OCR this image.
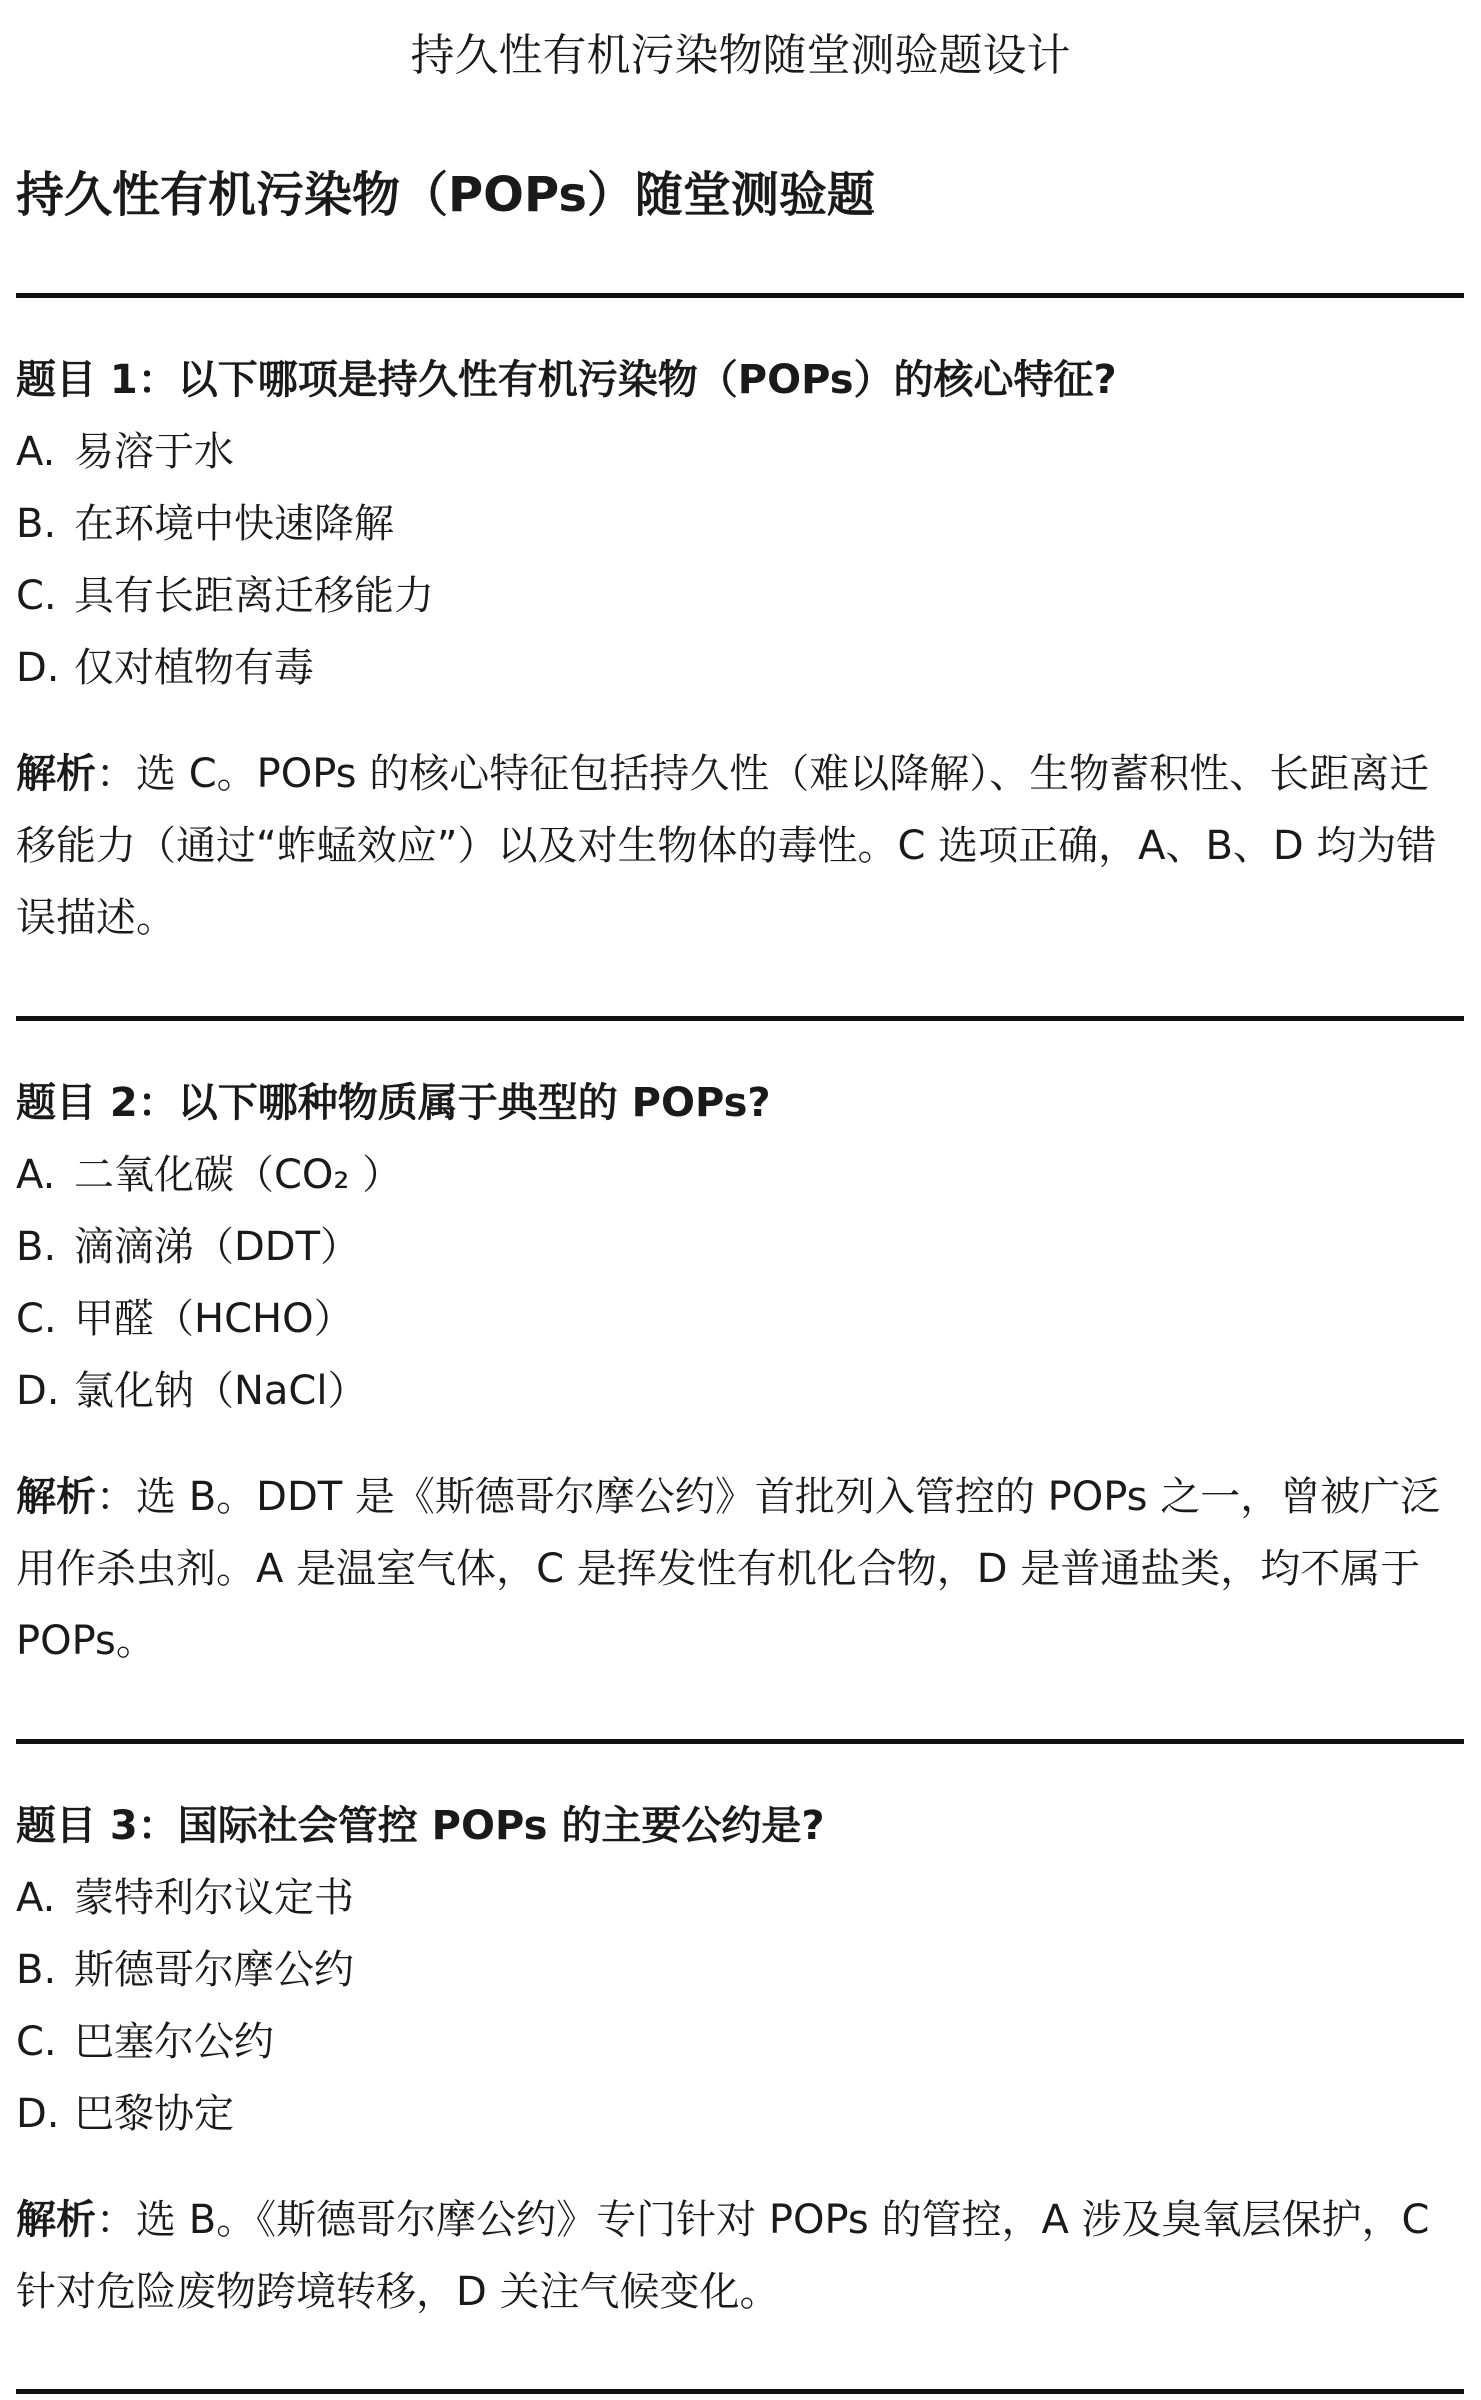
持久性有机污染物随堂测验题设计
持久性有机污染物（POPs）随堂测验题
题目 1：以下哪项是持久性有机污染物（POPs）的核心特征?
A. 易溶于水
B. 在环境中快速降解
C. 具有长距离迁移能力
D. 仅对植物有毒
解析：选 C。POPs 的核心特征包括持久性（难以降解）、生物蓄积性、长距离迁移能力（通过“蚱蜢效应”）以及对生物体的毒性。C 选项正确，A、B、D 均为错误描述。
题目 2：以下哪种物质属于典型的 POPs?
A. 二氧化碳（CO₂ ）
B. 滴滴涕（DDT）
C. 甲醛（HCHO）
D. 氯化钠（NaCl）
解析：选 B。DDT 是《斯德哥尔摩公约》首批列入管控的 POPs 之一，曾被广泛用作杀虫剂。A 是温室气体，C 是挥发性有机化合物，D 是普通盐类，均不属于 POPs。
题目 3：国际社会管控 POPs 的主要公约是?
A. 蒙特利尔议定书
B. 斯德哥尔摩公约
C. 巴塞尔公约
D. 巴黎协定
解析：选 B。《斯德哥尔摩公约》专门针对 POPs 的管控，A 涉及臭氧层保护，C 针对危险废物跨境转移，D 关注气候变化。
